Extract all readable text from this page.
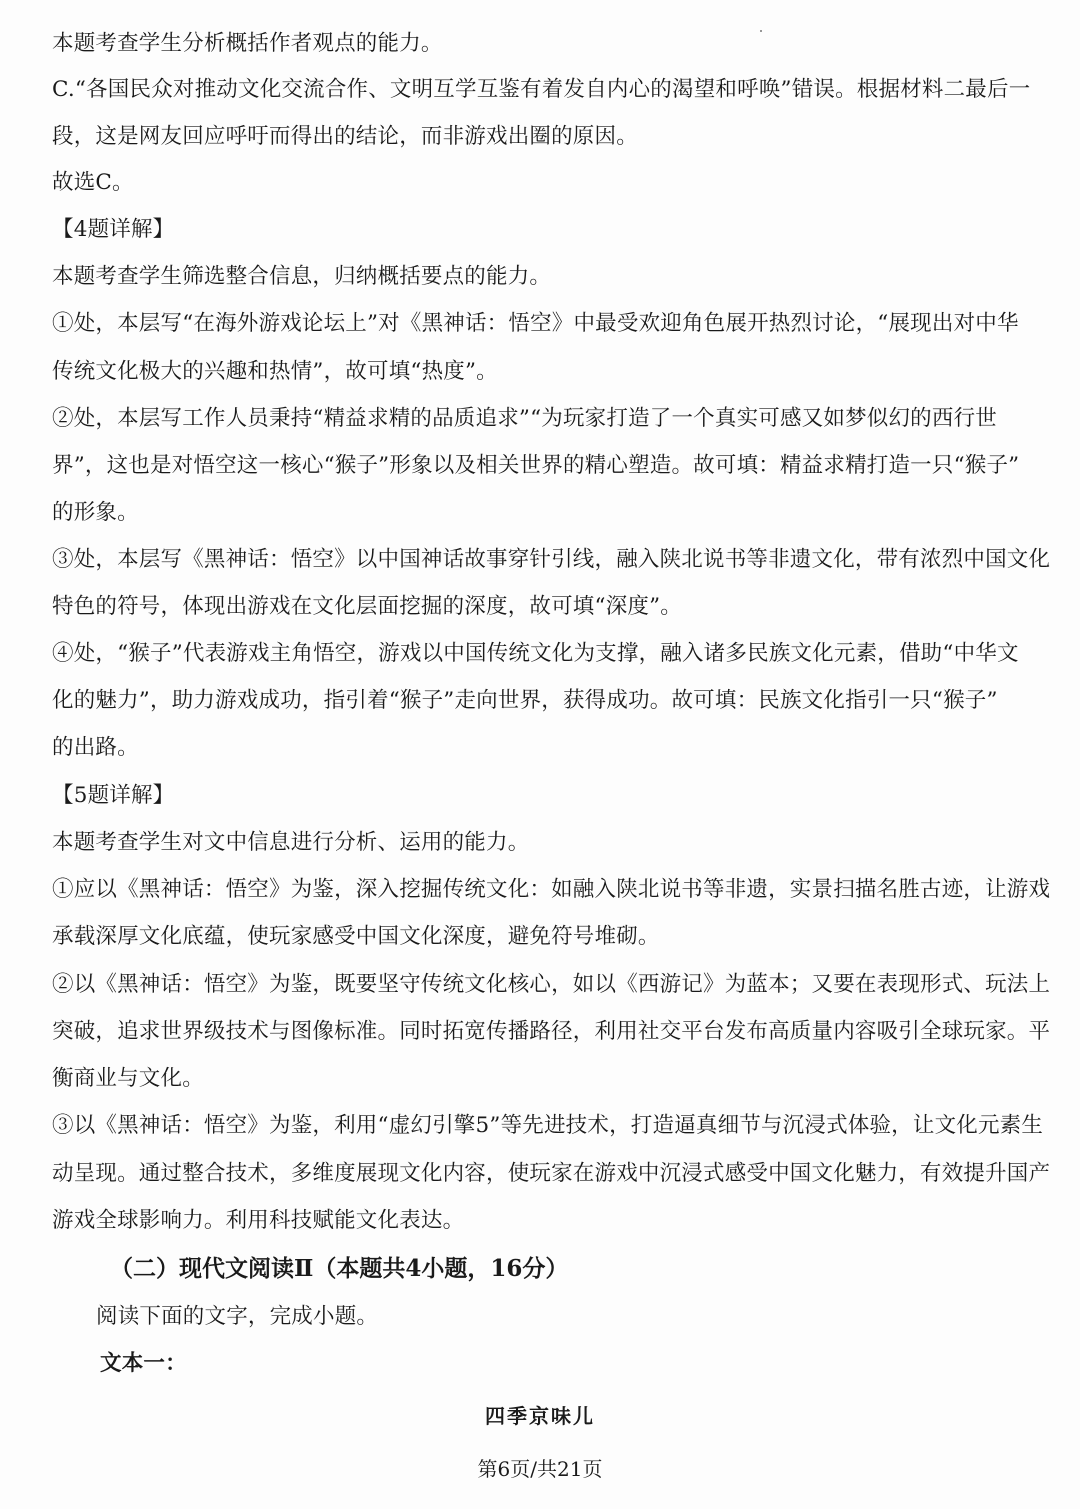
本题考查学生分析概括作者观点的能力。
C.“各国民众对推动文化交流合作、文明互学互鉴有着发自内心的渴望和呼唤”错误。根据材料二最后一
段，这是网友回应呼吁而得出的结论，而非游戏出圈的原因。
故选C。
【4题详解】
本题考查学生筛选整合信息，归纳概括要点的能力。
①处，本层写“在海外游戏论坛上”对《黑神话：悟空》中最受欢迎角色展开热烈讨论，“展现出对中华
传统文化极大的兴趣和热情”，故可填“热度”。
②处，本层写工作人员秉持“精益求精的品质追求”“为玩家打造了一个真实可感又如梦似幻的西行世
界”，这也是对悟空这一核心“猴子”形象以及相关世界的精心塑造。故可填：精益求精打造一只“猴子”
的形象。
③处，本层写《黑神话：悟空》以中国神话故事穿针引线，融入陕北说书等非遗文化，带有浓烈中国文化
特色的符号，体现出游戏在文化层面挖掘的深度，故可填“深度”。
④处，“猴子”代表游戏主角悟空，游戏以中国传统文化为支撑，融入诸多民族文化元素，借助“中华文
化的魅力”，助力游戏成功，指引着“猴子”走向世界，获得成功。故可填：民族文化指引一只“猴子”
的出路。
【5题详解】
本题考查学生对文中信息进行分析、运用的能力。
①应以《黑神话：悟空》为鉴，深入挖掘传统文化：如融入陕北说书等非遗，实景扫描名胜古迹，让游戏
承载深厚文化底蕴，使玩家感受中国文化深度，避免符号堆砌。
②以《黑神话：悟空》为鉴，既要坚守传统文化核心，如以《西游记》为蓝本；又要在表现形式、玩法上
突破，追求世界级技术与图像标准。同时拓宽传播路径，利用社交平台发布高质量内容吸引全球玩家。平
衡商业与文化。
③以《黑神话：悟空》为鉴，利用“虚幻引擎5”等先进技术，打造逼真细节与沉浸式体验，让文化元素生
动呈现。通过整合技术，多维度展现文化内容，使玩家在游戏中沉浸式感受中国文化魅力，有效提升国产
游戏全球影响力。利用科技赋能文化表达。
（二）现代文阅读Ⅱ（本题共4小题，16分）
阅读下面的文字，完成小题。
文本一：
四季京味儿
第6页/共21页
